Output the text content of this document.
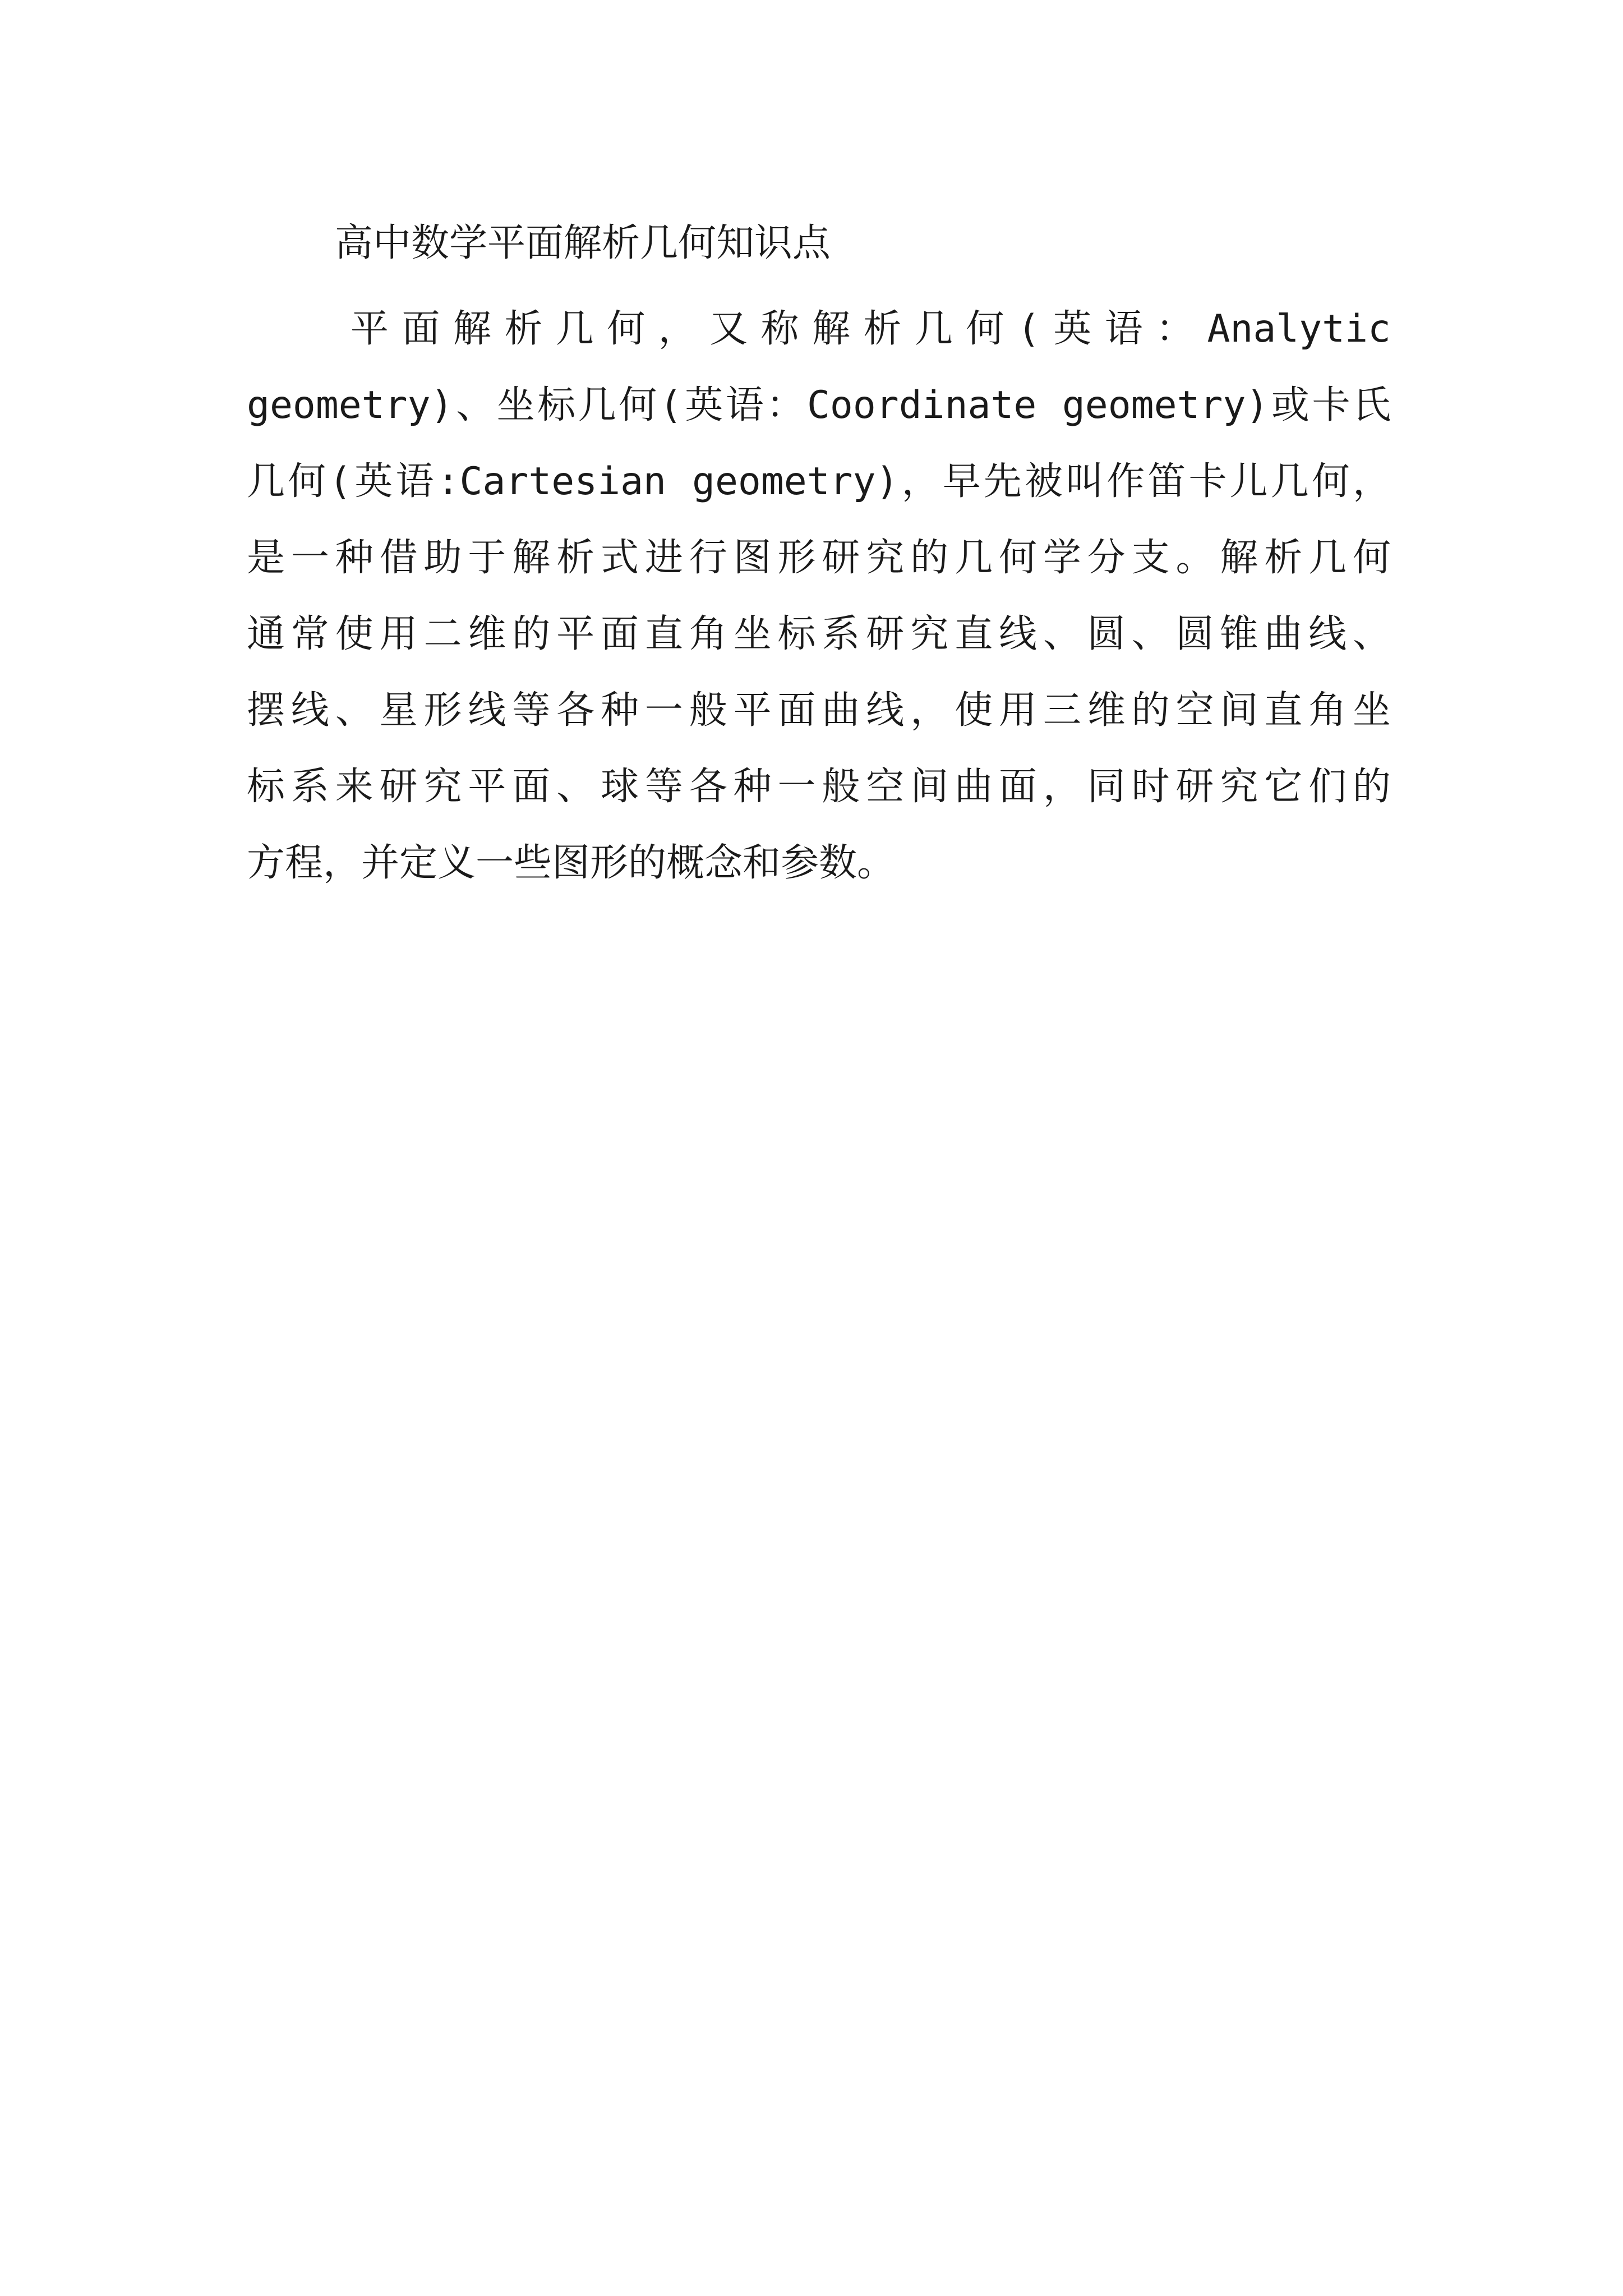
高中数学平面解析几何知识点
平面解析几何，又称解析几何(英语：Analytic
geometry)、坐标几何(英语：Coordinate geometry)或卡氏
几何(英语:Cartesian geometry)，早先被叫作笛卡儿几何，
是一种借助于解析式进行图形研究的几何学分支。解析几何
通常使用二维的平面直角坐标系研究直线、圆、圆锥曲线、
摆线、星形线等各种一般平面曲线，使用三维的空间直角坐
标系来研究平面、球等各种一般空间曲面，同时研究它们的
方程，并定义一些图形的概念和参数。
